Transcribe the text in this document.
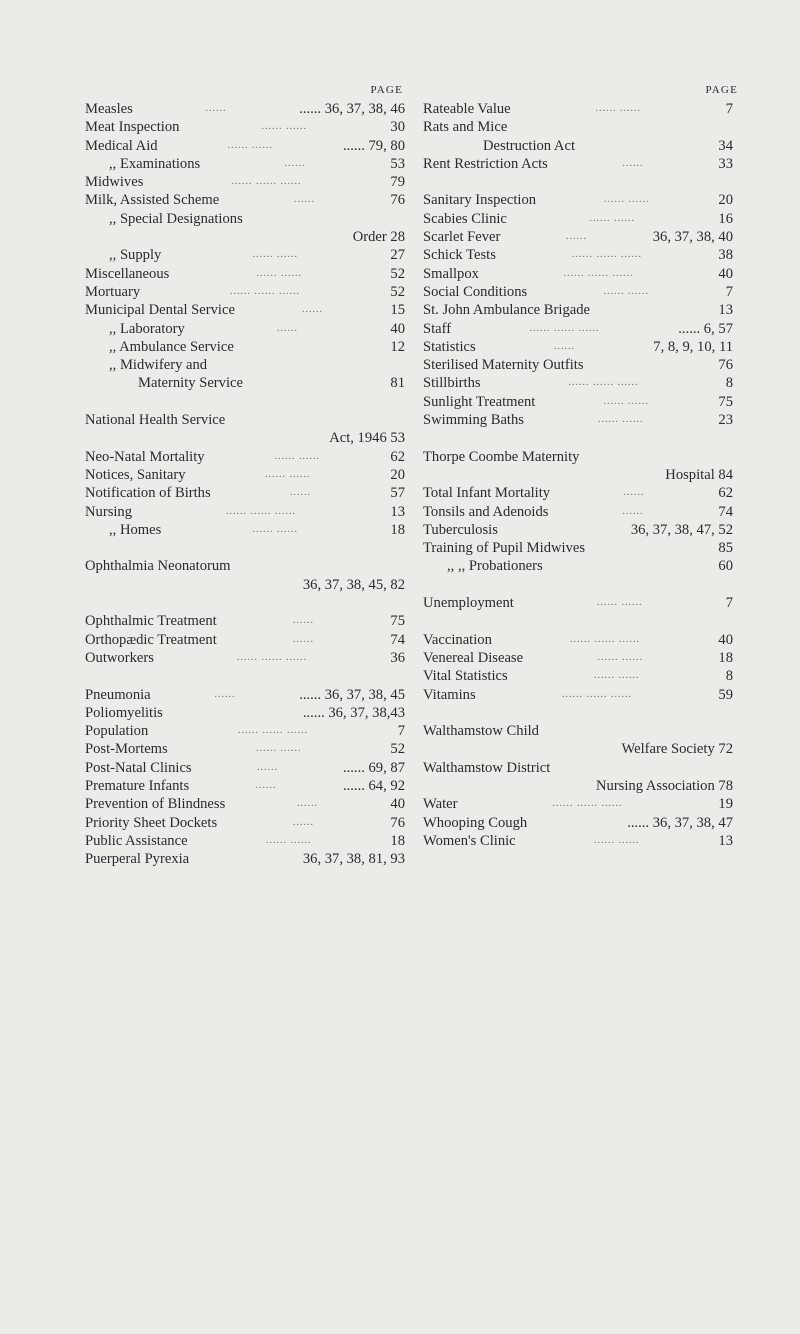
PAGE
Measles	......	...... 36, 37, 38, 46
Meat Inspection	...... ......	30
Medical Aid	...... ......	...... 79, 80
,, Examinations	......	53
Midwives	...... ...... ......	79
Milk, Assisted Scheme	......	76
,, Special Designations
Order 28
,, Supply	...... ......	27
Miscellaneous	...... ......	52
Mortuary	...... ...... ......	52
Municipal Dental Service	......	15
,, Laboratory	......	40
,, Ambulance Service	12
,, Midwifery and
Maternity Service	81
National Health Service
Act, 1946 53
Neo-Natal Mortality	...... ......	62
Notices, Sanitary	...... ......	20
Notification of Births	......	57
Nursing	...... ...... ......	13
,, Homes	...... ......	18
Ophthalmia Neonatorum
36, 37, 38, 45, 82
Ophthalmic Treatment	......	75
Orthopædic Treatment	......	74
Outworkers	...... ...... ......	36
Pneumonia	......	...... 36, 37, 38, 45
Poliomyelitis	...... 36, 37, 38,43
Population	...... ...... ......	7
Post-Mortems	...... ......	52
Post-Natal Clinics	......	...... 69, 87
Premature Infants	......	...... 64, 92
Prevention of Blindness	......	40
Priority Sheet Dockets	......	76
Public Assistance	...... ......	18
Puerperal Pyrexia	36, 37, 38, 81, 93
PAGE
Rateable Value	...... ......	7
Rats and Mice
Destruction Act	34
Rent Restriction Acts	......	33
Sanitary Inspection	...... ......	20
Scabies Clinic	...... ......	16
Scarlet Fever	......	36, 37, 38, 40
Schick Tests	...... ...... ......	38
Smallpox	...... ...... ......	40
Social Conditions	...... ......	7
St. John Ambulance Brigade	13
Staff	...... ...... ......	...... 6, 57
Statistics	......	7, 8, 9, 10, 11
Sterilised Maternity Outfits	76
Stillbirths	...... ...... ......	8
Sunlight Treatment	...... ......	75
Swimming Baths	...... ......	23
Thorpe Coombe Maternity
Hospital 84
Total Infant Mortality	......	62
Tonsils and Adenoids	......	74
Tuberculosis	36, 37, 38, 47, 52
Training of Pupil Midwives	85
,, ,, Probationers	60
Unemployment	...... ......	7
Vaccination	...... ...... ......	40
Venereal Disease	...... ......	18
Vital Statistics	...... ......	8
Vitamins	...... ...... ......	59
Walthamstow Child
Welfare Society 72
Walthamstow District
Nursing Association 78
Water	...... ...... ......	19
Whooping Cough	...... 36, 37, 38, 47
Women's Clinic	...... ......	13
